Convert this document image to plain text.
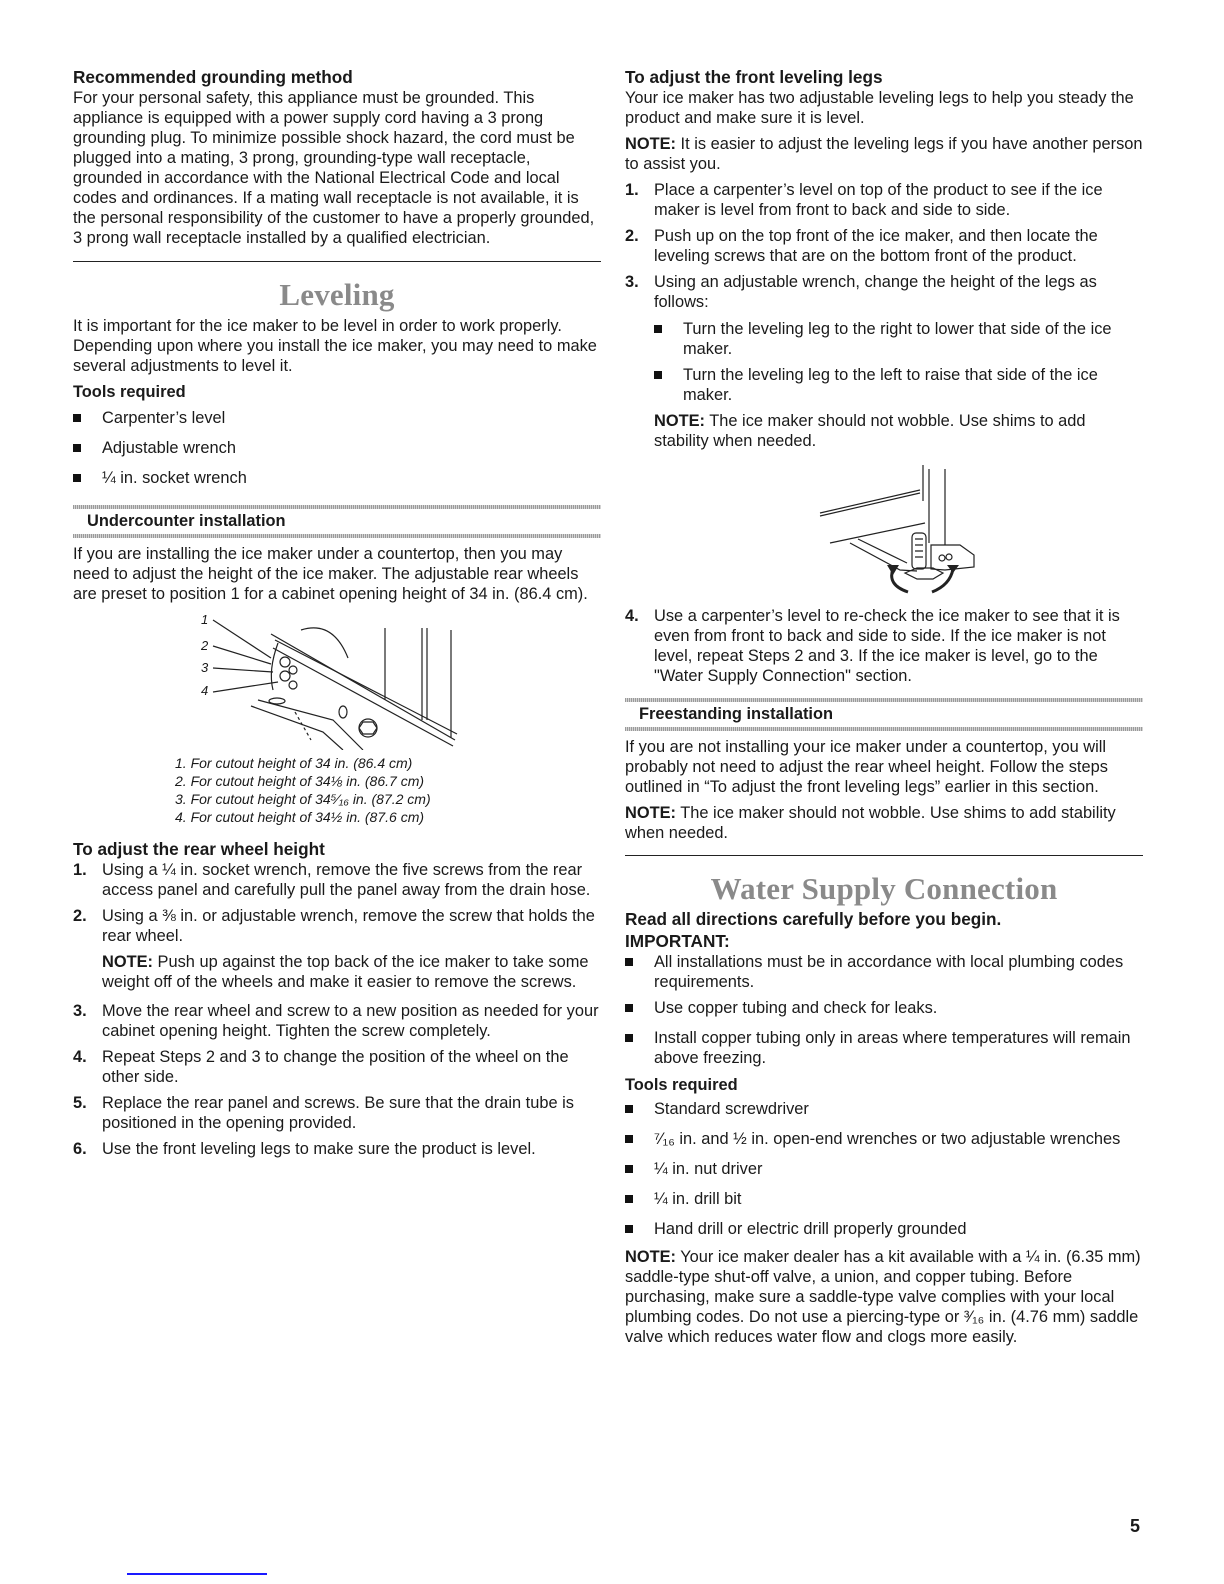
Recommended grounding method

For your personal safety, this appliance must be grounded. This appliance is equipped with a power supply cord having a 3 prong grounding plug. To minimize possible shock hazard, the cord must be plugged into a mating, 3 prong, grounding-type wall receptacle, grounded in accordance with the National Electrical Code and local codes and ordinances. If a mating wall receptacle is not available, it is the personal responsibility of the customer to have a properly grounded, 3 prong wall receptacle installed by a qualified electrician.

Leveling

It is important for the ice maker to be level in order to work properly. Depending upon where you install the ice maker, you may need to make several adjustments to level it.

Tools required
Carpenter’s level
Adjustable wrench
¼ in. socket wrench
Undercounter installation

If you are installing the ice maker under a countertop, then you may need to adjust the height of the ice maker. The adjustable rear wheels are preset to position 1 for a cabinet opening height of 34 in. (86.4 cm).

1
2
3
4

1. For cutout height of 34 in. (86.4 cm)

2. For cutout height of 34⅛ in. (86.7 cm)

3. For cutout height of 34⁵⁄₁₆ in. (87.2 cm)

4. For cutout height of 34½ in. (87.6 cm)

To adjust the rear wheel height
1. Using a ¼ in. socket wrench, remove the five screws from the rear access panel and carefully pull the panel away from the drain hose.
2. Using a ⅜ in. or adjustable wrench, remove the screw that holds the rear wheel.

NOTE: Push up against the top back of the ice maker to take some weight off of the wheels and make it easier to remove the screws.

3. Move the rear wheel and screw to a new position as needed for your cabinet opening height. Tighten the screw completely.
4. Repeat Steps 2 and 3 to change the position of the wheel on the other side.
5. Replace the rear panel and screws. Be sure that the drain tube is positioned in the opening provided.
6. Use the front leveling legs to make sure the product is level.
To adjust the front leveling legs

Your ice maker has two adjustable leveling legs to help you steady the product and make sure it is level.

NOTE: It is easier to adjust the leveling legs if you have another person to assist you.

1. Place a carpenter’s level on top of the product to see if the ice maker is level from front to back and side to side.
2. Push up on the top front of the ice maker, and then locate the leveling screws that are on the bottom front of the product.
3. Using an adjustable wrench, change the height of the legs as follows:
Turn the leveling leg to the right to lower that side of the ice maker.
Turn the leveling leg to the left to raise that side of the ice maker.

NOTE: The ice maker should not wobble. Use shims to add stability when needed.

4. Use a carpenter’s level to re-check the ice maker to see that it is even from front to back and side to side. If the ice maker is not level, repeat Steps 2 and 3. If the ice maker is level, go to the "Water Supply Connection" section.
Freestanding installation

If you are not installing your ice maker under a countertop, you will probably not need to adjust the rear wheel height. Follow the steps outlined in “To adjust the front leveling legs” earlier in this section.

NOTE: The ice maker should not wobble. Use shims to add stability when needed.

Water Supply Connection
Read all directions carefully before you begin.
IMPORTANT:
All installations must be in accordance with local plumbing codes requirements.
Use copper tubing and check for leaks.
Install copper tubing only in areas where temperatures will remain above freezing.
Tools required
Standard screwdriver
⁷⁄₁₆ in. and ½ in. open-end wrenches or two adjustable wrenches
¼ in. nut driver
¼ in. drill bit
Hand drill or electric drill properly grounded

NOTE: Your ice maker dealer has a kit available with a ¼ in. (6.35 mm) saddle-type shut-off valve, a union, and copper tubing. Before purchasing, make sure a saddle-type valve complies with your local plumbing codes. Do not use a piercing-type or ³⁄₁₆ in. (4.76 mm) saddle valve which reduces water flow and clogs more easily.

5
